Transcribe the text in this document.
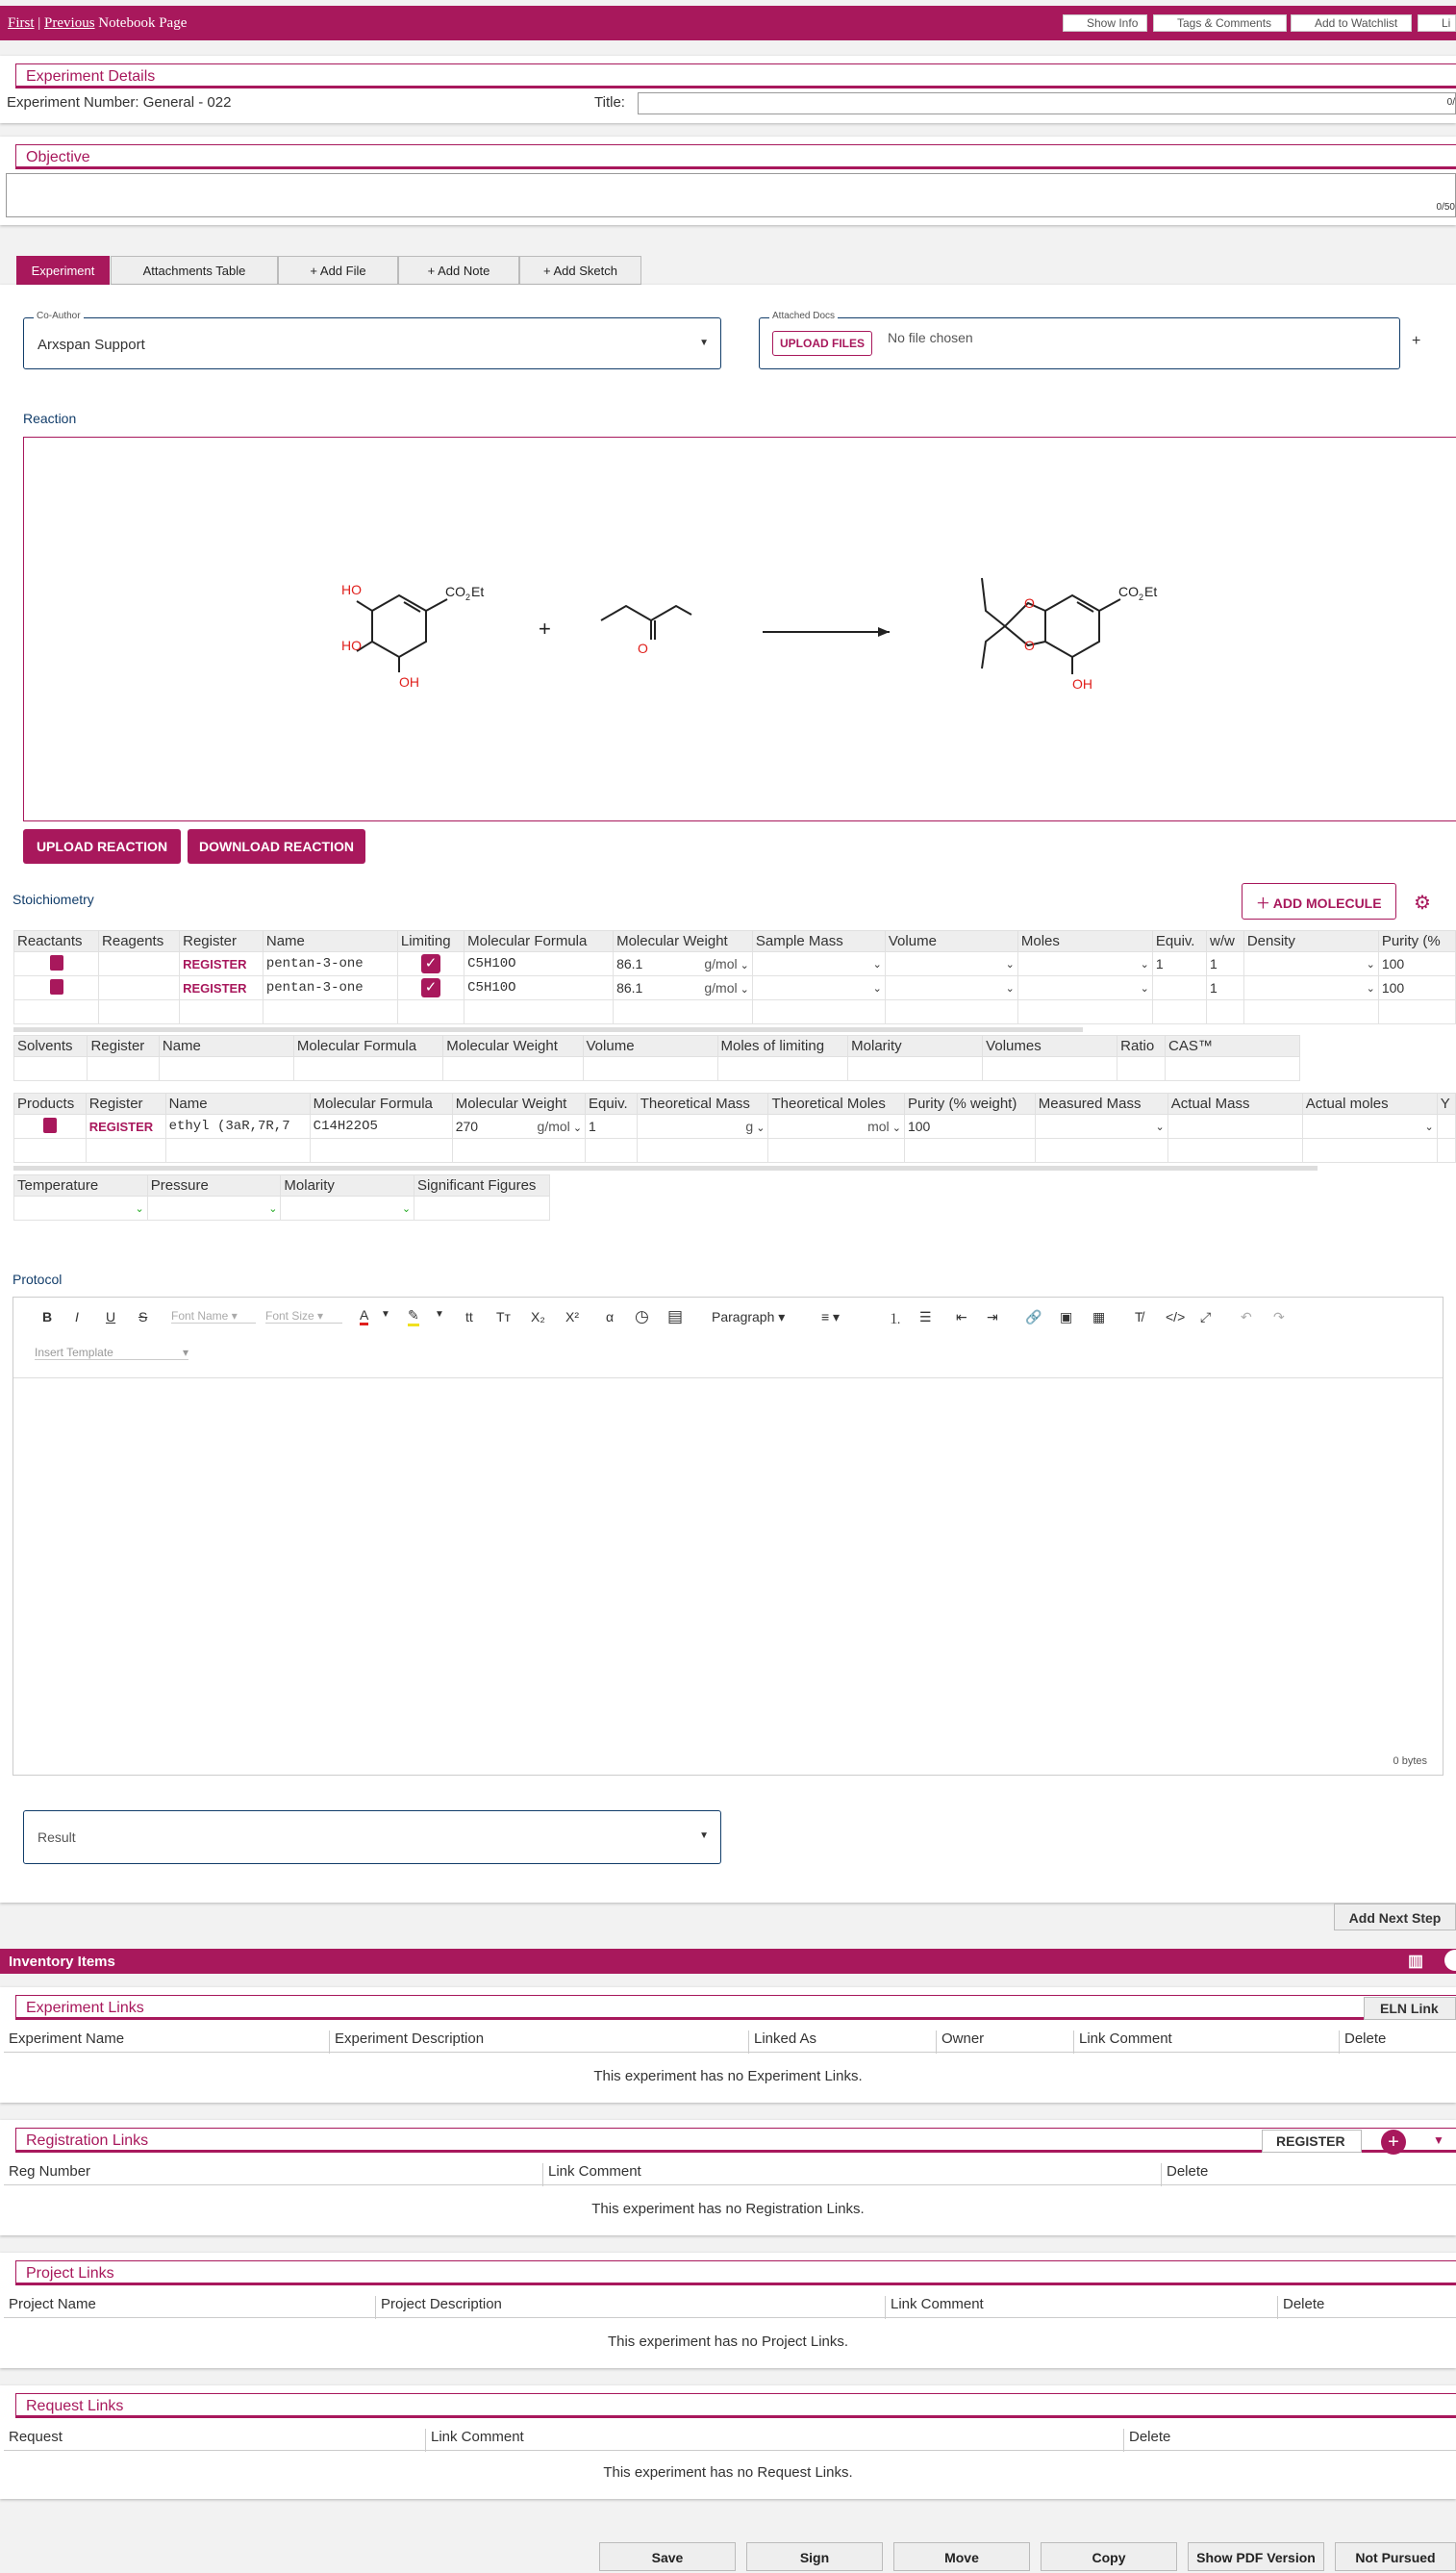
First | Previous Notebook Page	Show Info	Tags & Comments	Add to Watchlist	Li
Experiment Details
Experiment Number: General - 022	Title:	0/
Objective
0/50
Experiment	Attachments Table	+ Add File	+ Add Note	+ Add Sketch
Co-Author
Arxspan Support	▼
Attached Docs
UPLOAD FILES	No file chosen	+
Reaction
HO
HO
OH
CO 2 Et
+
O
O
O
OH
CO 2 Et
UPLOAD REACTION	DOWNLOAD REACTION
Stoichiometry	＋ ADD MOLECULE	⚙
Reactants	Reagents	Register	Name	Limiting	Molecular Formula	Molecular Weight	Sample Mass	Volume	Moles	Equiv.	w/w	Density	Purity (%
		REGISTER	pentan-3-one	✓	C5H10O	86.1 g/mol ⌄	⌄	⌄	⌄	1	1	⌄	100
		REGISTER	pentan-3-one	✓	C5H10O	86.1 g/mol ⌄	⌄	⌄	⌄		1	⌄	100

Solvents	Register	Name	Molecular Formula	Molecular Weight	Volume	Moles of limiting	Molarity	Volumes	Ratio	CAS™

Products	Register	Name	Molecular Formula	Molecular Weight	Equiv.	Theoretical Mass	Theoretical Moles	Purity (% weight)	Measured Mass	Actual Mass	Actual moles	Y
	REGISTER	ethyl (3aR,7R,7	C14H22O5	270 g/mol ⌄	1	g ⌄	mol ⌄	100	⌄		⌄	

Temperature	Pressure	Molarity	Significant Figures

⌄	⌄	⌄	

Protocol
B I U S Font Name ▾	Font Size ▾	A ▼ ✎ ▼ tt Tт X₂ X² α ◷ ▤ Paragraph ▾	≡ ▾	⒈ ☰ ⇤ ⇥ 🔗 ▣ ▦ T̸ </> ⤢ ↶ ↷
Insert Template	▾
0 bytes
Result	▼
Add Next Step
Inventory Items	▥
Experiment Links	ELN Link
Experiment Name	Experiment Description	Linked As	Owner	Link Comment	Delete
This experiment has no Experiment Links.
Registration Links	REGISTER	+	▼
Reg Number	Link Comment	Delete
This experiment has no Registration Links.
Project Links
Project Name	Project Description	Link Comment	Delete
This experiment has no Project Links.
Request Links
Request	Link Comment	Delete
This experiment has no Request Links.
Save	Sign	Move	Copy	Show PDF Version	Not Pursued
